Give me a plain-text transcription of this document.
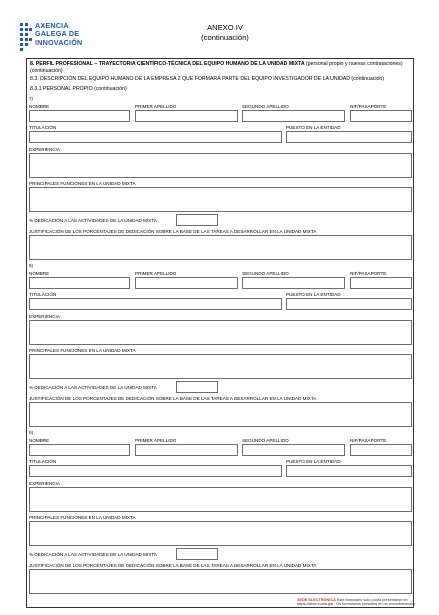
AXENCIA
GALEGA DE
INNOVACIÓN
ANEXO IV
(continuación)
8. PERFIL PROFESIONAL – TRAYECTORIA CIENTÍFICO-TÉCNICA DEL EQUIPO HUMANO DE LA UNIDAD MIXTA (personal propio y nuevas contrataciones) (continuación)
8.3. DESCRIPCIÓN DEL EQUIPO HUMANO DE LA EMPRESA 2 QUE FORMARÁ PARTE DEL EQUIPO INVESTIGADOR DE LA UNIDAD (continuación)
8.3.1 PERSONAL PROPIO (continuación)
7)
NOMBRE	PRIMER APELLIDO	SEGUNDO APELLIDO	NIF/PASAPORTE
TITULACIÓN	PUESTO EN LA ENTIDAD
EXPERIENCIA
PRINCIPALES FUNCIONES EN LA UNIDAD MIXTA
% DEDICACIÓN A LAS ACTIVIDADES DE LA UNIDAD MIXTA
JUSTIFICACIÓN DE LOS PORCENTAJES DE DEDICACIÓN SOBRE LA BASE DE LAS TAREAS A DESARROLLAR EN LA UNIDAD MIXTA
8)
NOMBRE	PRIMER APELLIDO	SEGUNDO APELLIDO	NIF/PASAPORTE
TITULACIÓN	PUESTO EN LA ENTIDAD
EXPERIENCIA
PRINCIPALES FUNCIONES EN LA UNIDAD MIXTA
% DEDICACIÓN A LAS ACTIVIDADES DE LA UNIDAD MIXTA
JUSTIFICACIÓN DE LOS PORCENTAJES DE DEDICACIÓN SOBRE LA BASE DE LAS TAREAS A DESARROLLAR EN LA UNIDAD MIXTA
9)
NOMBRE	PRIMER APELLIDO	SEGUNDO APELLIDO	NIF/PASAPORTE
TITULACIÓN	PUESTO EN LA ENTIDAD
EXPERIENCIA
PRINCIPALES FUNCIONES EN LA UNIDAD MIXTA
% DEDICACIÓN A LAS ACTIVIDADES DE LA UNIDAD MIXTA
JUSTIFICACIÓN DE LOS PORCENTAJES DE DEDICACIÓN SOBRE LA BASE DE LAS TAREAS A DESARROLLAR EN LA UNIDAD MIXTA
SEDE ELECTRÓNICA Este formulario sólo podrá presentarse en https://sede.xunta.gal . Os formularios previstos en os procedementos
